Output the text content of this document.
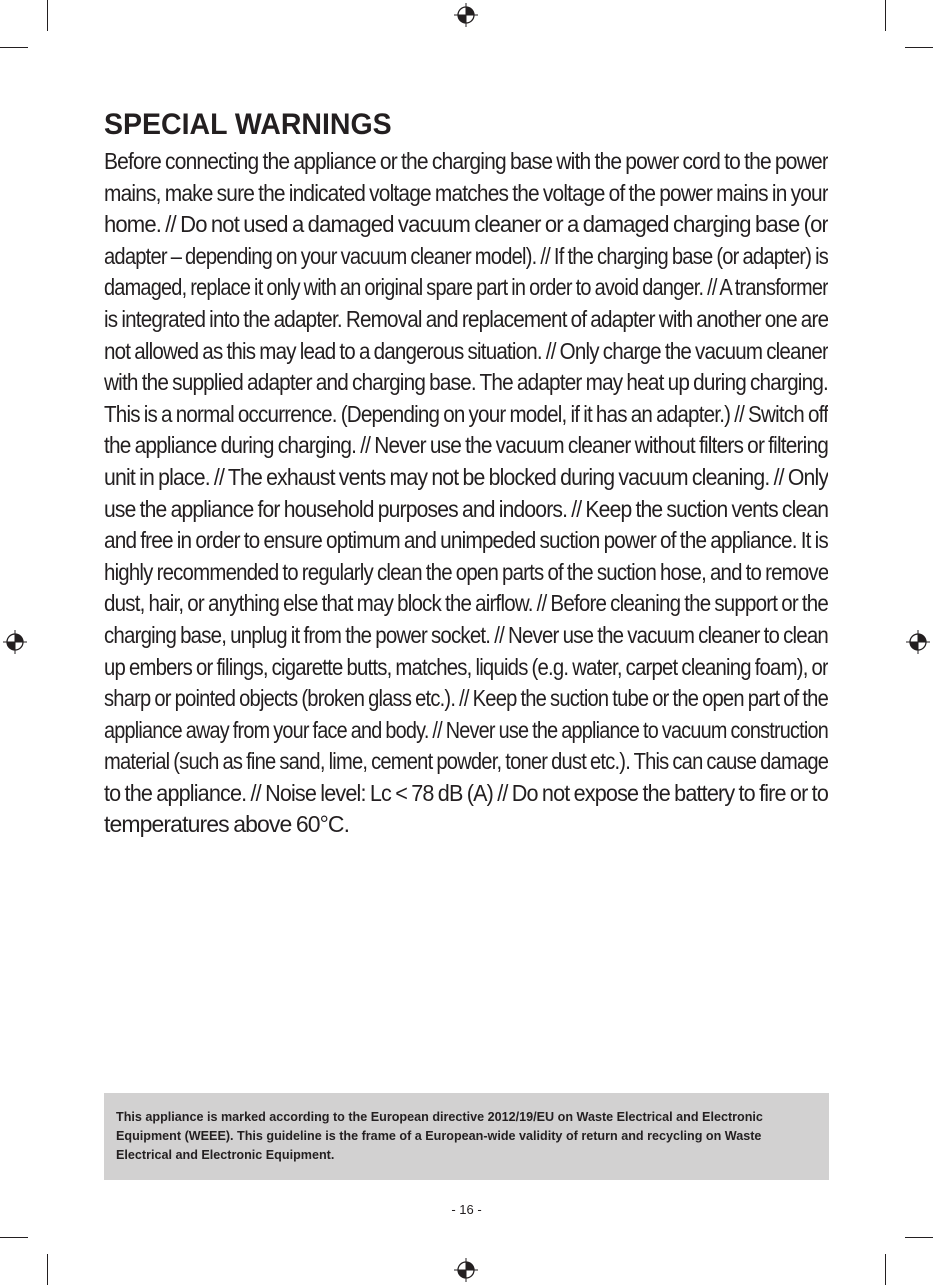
SPECIAL WARNINGS
Before connecting the appliance or the charging base with the power cord to the power
mains, make sure the indicated voltage matches the voltage of the power mains in your
home. // Do not used a damaged vacuum cleaner or a damaged charging base (or
adapter – depending on your vacuum cleaner model). // If the charging base (or adapter) is
damaged, replace it only with an original spare part in order to avoid danger. // A transformer
is integrated into the adapter. Removal and replacement of adapter with another one are
not allowed as this may lead to a dangerous situation. // Only charge the vacuum cleaner
with the supplied adapter and charging base. The adapter may heat up during charging.
This is a normal occurrence. (Depending on your model, if it has an adapter.) // Switch off
the appliance during charging. // Never use the vacuum cleaner without filters or filtering
unit in place. // The exhaust vents may not be blocked during vacuum cleaning. // Only
use the appliance for household purposes and indoors. // Keep the suction vents clean
and free in order to ensure optimum and unimpeded suction power of the appliance. It is
highly recommended to regularly clean the open parts of the suction hose, and to remove
dust, hair, or anything else that may block the airflow. // Before cleaning the support or the
charging base, unplug it from the power socket. // Never use the vacuum cleaner to clean
up embers or filings, cigarette butts, matches, liquids (e.g. water, carpet cleaning foam), or
sharp or pointed objects (broken glass etc.). // Keep the suction tube or the open part of the
appliance away from your face and body. // Never use the appliance to vacuum construction
material (such as fine sand, lime, cement powder, toner dust etc.). This can cause damage
to the appliance. // Noise level: Lc < 78 dB (A) // Do not expose the battery to fire or to
temperatures above 60°C.

This appliance is marked according to the European directive 2012/19/EU on Waste Electrical and Electronic Equipment (WEEE). This guideline is the frame of a European-wide validity of return and recycling on Waste Electrical and Electronic Equipment.

- 16 -
